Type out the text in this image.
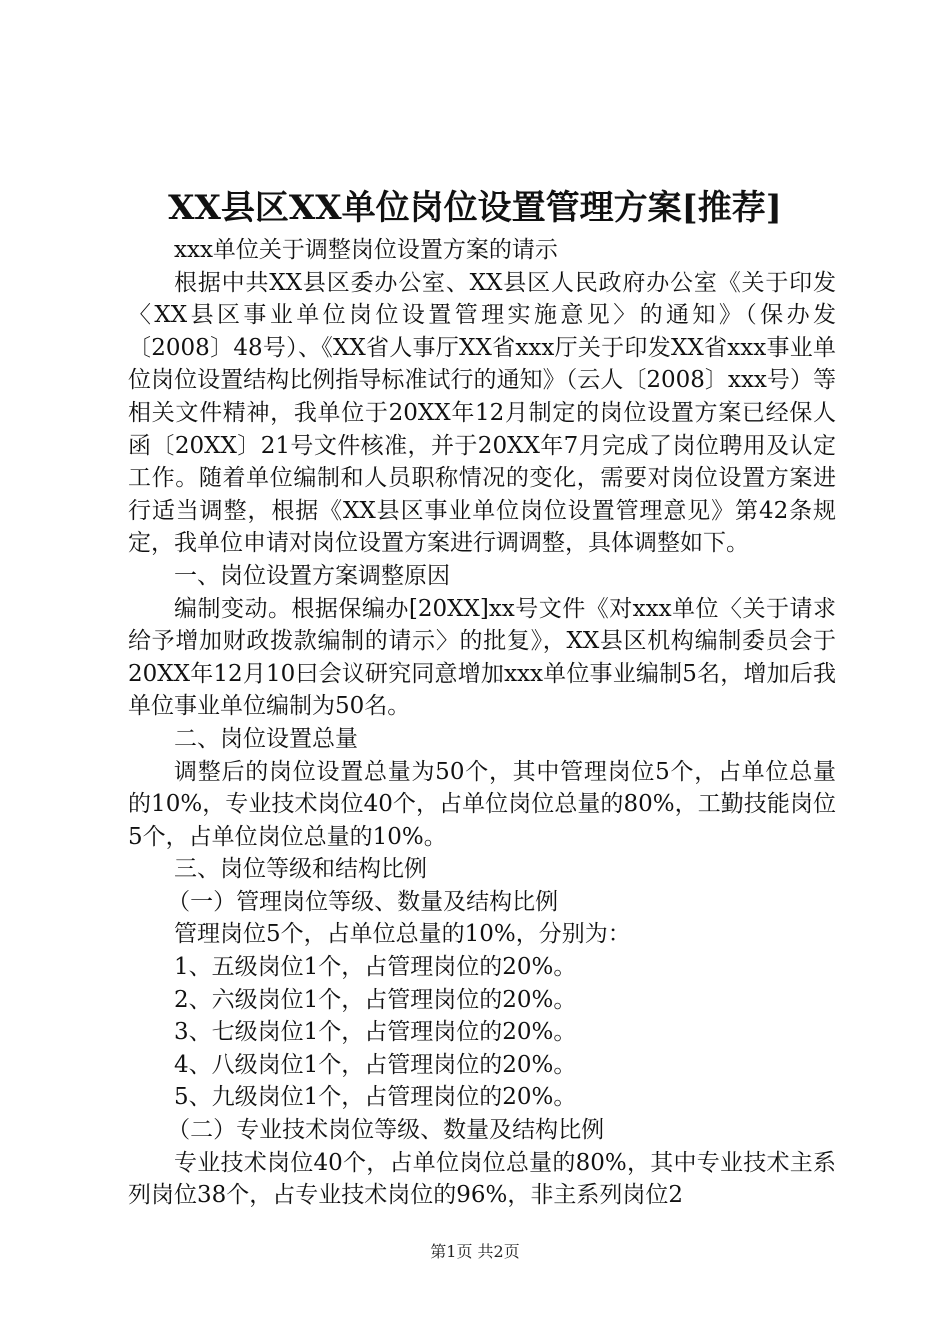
XX县区XX单位岗位设置管理方案[推荐]

xxx单位关于调整岗位设置方案的请示

根据中共XX县区委办公室、XX县区人民政府办公室《关于印发〈XX县区事业单位岗位设置管理实施意见〉的通知》（保办发〔2008〕48号）、《XX省人事厅XX省xxx厅关于印发XX省xxx事业单位岗位设置结构比例指导标准试行的通知》（云人〔2008〕xxx号）等相关文件精神，我单位于20XX年12月制定的岗位设置方案已经保人函〔20XX〕21号文件核准，并于20XX年7月完成了岗位聘用及认定工作。随着单位编制和人员职称情况的变化，需要对岗位设置方案进行适当调整，根据《XX县区事业单位岗位设置管理意见》第42条规定，我单位申请对岗位设置方案进行调调整，具体调整如下。

一、岗位设置方案调整原因

编制变动。根据保编办[20XX]xx号文件《对xxx单位〈关于请求给予增加财政拨款编制的请示〉的批复》，XX县区机构编制委员会于20XX年12月10曰会议研究同意增加xxx单位事业编制5名，增加后我单位事业单位编制为50名。

二、岗位设置总量

调整后的岗位设置总量为50个，其中管理岗位5个，占单位总量的10%，专业技术岗位40个，占单位岗位总量的80%，工勤技能岗位5个，占单位岗位总量的10%。

三、岗位等级和结构比例

（一）管理岗位等级、数量及结构比例

管理岗位5个，占单位总量的10%，分别为：

1、五级岗位1个，占管理岗位的20%。

2、六级岗位1个，占管理岗位的20%。

3、七级岗位1个，占管理岗位的20%。

4、八级岗位1个，占管理岗位的20%。

5、九级岗位1个，占管理岗位的20%。

（二）专业技术岗位等级、数量及结构比例

专业技术岗位40个，占单位岗位总量的80%，其中专业技术主系列岗位38个，占专业技术岗位的96%，非主系列岗位2

第1页 共2页
